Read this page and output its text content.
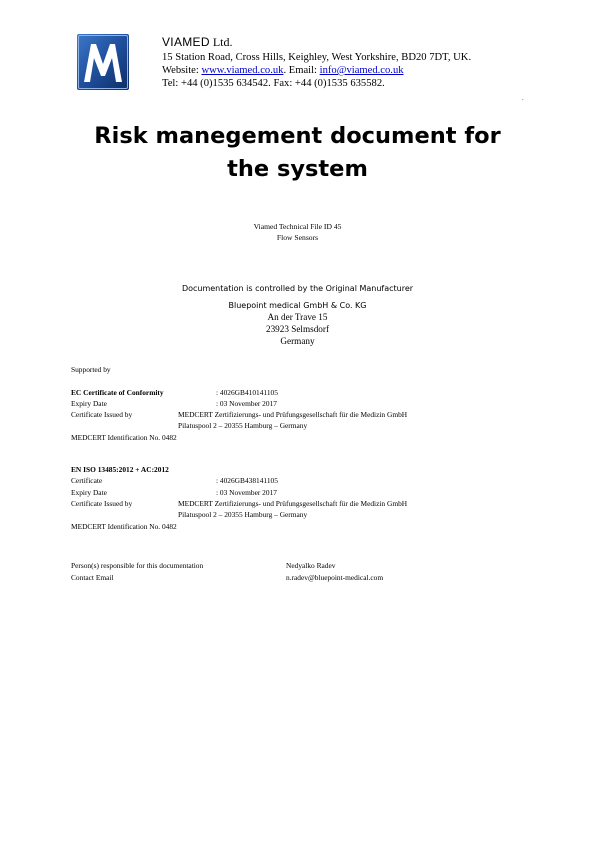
VIAMED Ltd.
15 Station Road, Cross Hills, Keighley, West Yorkshire, BD20 7DT, UK.
Website: www.viamed.co.uk. Email: info@viamed.co.uk
Tel: +44 (0)1535 634542. Fax: +44 (0)1535 635582.
.
Risk manegement document for
the system
Viamed Technical File ID 45
Flow Sensors
Documentation is controlled by the Original Manufacturer
Bluepoint medical GmbH & Co. KG
An der Trave 15
23923 Selmsdorf
Germany
Supported by
EC Certificate of Conformity	: 4026GB410141105
Expiry Date	: 03 November 2017
Certificate Issued by	MEDCERT Zertifizierungs- und Prüfungsgesellschaft für die Medizin GmbH
Pilatuspool 2 – 20355 Hamburg – Germany
MEDCERT Identification No. 0482
EN ISO 13485:2012 + AC:2012
Certificate	: 4026GB438141105
Expiry Date	: 03 November 2017
Certificate Issued by	MEDCERT Zertifizierungs- und Prüfungsgesellschaft für die Medizin GmbH
Pilatuspool 2 – 20355 Hamburg – Germany
MEDCERT Identification No. 0482
Person(s) responsible for this documentation	Nedyalko Radev
Contact Email	n.radev@bluepoint-medical.com
